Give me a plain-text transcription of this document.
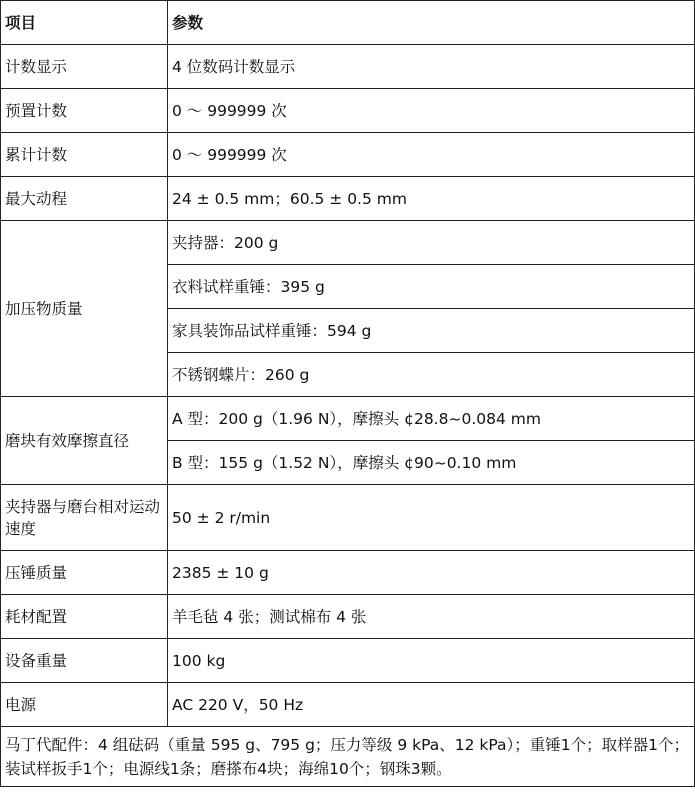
项目	参数
计数显示	4 位数码计数显示
预置计数	0 ～ 999999 次
累计计数	0 ～ 999999 次
最大动程	24 ± 0.5 mm；60.5 ± 0.5 mm
加压物质量	夹持器：200 g
	衣料试样重锤：395 g
	家具装饰品试样重锤：594 g
	不锈钢蝶片：260 g
磨块有效摩擦直径	A 型：200 g（1.96 N），摩擦头 ¢28.8~0.084 mm
	B 型：155 g（1.52 N），摩擦头 ¢90~0.10 mm
夹持器与磨台相对运动速度	50 ± 2 r/min
压锤质量	2385 ± 10 g
耗材配置	羊毛毡 4 张；测试棉布 4 张
设备重量	100 kg
电源	AC 220 V，50 Hz
马丁代配件：4 组砝码（重量 595 g、795 g；压力等级 9 kPa、12 kPa）；重锤1个；取样器1个；装试样扳手1个；电源线1条；磨搽布4块；海绵10个；钢珠3颗。	
